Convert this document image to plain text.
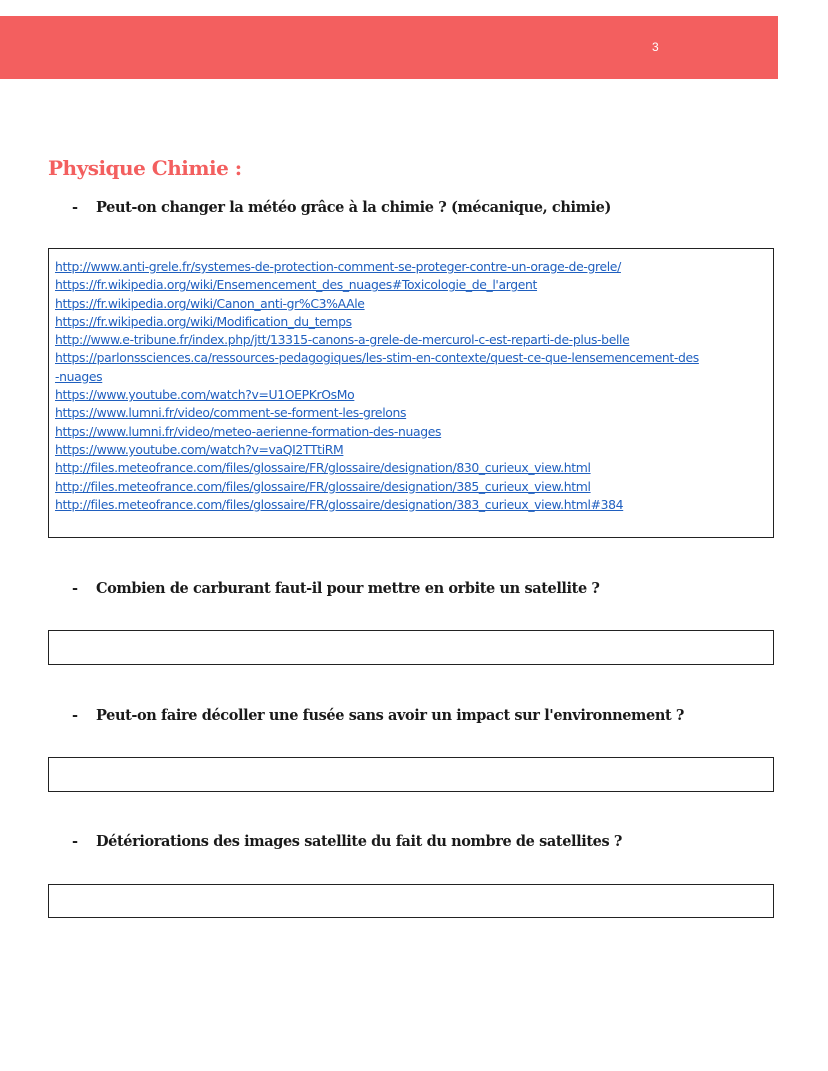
3
Physique Chimie :

- Peut-on changer la météo grâce à la chimie ? (mécanique, chimie)

http://www.anti-grele.fr/systemes-de-protection-comment-se-proteger-contre-un-orage-de-grele/
https://fr.wikipedia.org/wiki/Ensemencement_des_nuages#Toxicologie_de_l'argent
https://fr.wikipedia.org/wiki/Canon_anti-gr%C3%AAle
https://fr.wikipedia.org/wiki/Modification_du_temps
http://www.e-tribune.fr/index.php/jtt/13315-canons-a-grele-de-mercurol-c-est-reparti-de-plus-belle
https://parlonssciences.ca/ressources-pedagogiques/les-stim-en-contexte/quest-ce-que-lensemencement-des
-nuages
https://www.youtube.com/watch?v=U1OEPKrOsMo
https://www.lumni.fr/video/comment-se-forment-les-grelons
https://www.lumni.fr/video/meteo-aerienne-formation-des-nuages
https://www.youtube.com/watch?v=vaQI2TTtiRM
http://files.meteofrance.com/files/glossaire/FR/glossaire/designation/830_curieux_view.html
http://files.meteofrance.com/files/glossaire/FR/glossaire/designation/385_curieux_view.html
http://files.meteofrance.com/files/glossaire/FR/glossaire/designation/383_curieux_view.html#384

- Combien de carburant faut-il pour mettre en orbite un satellite ?

- Peut-on faire décoller une fusée sans avoir un impact sur l'environnement ?

- Détériorations des images satellite du fait du nombre de satellites ?
